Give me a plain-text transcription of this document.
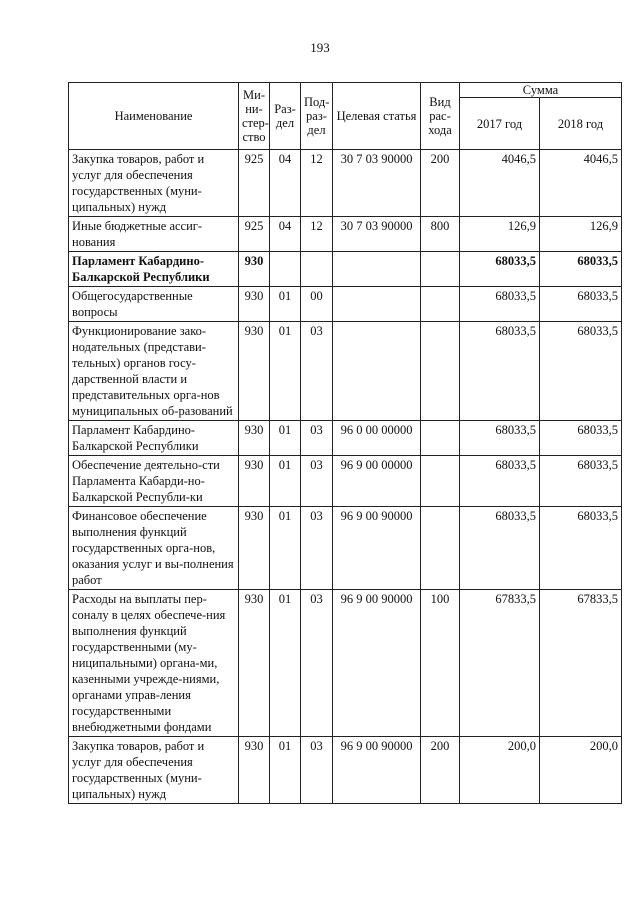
193
Наименование	Ми-ни-стер-ство	Раз-дел	Под-раз-дел	Целевая статья	Вид рас-хода	Сумма	
						2017 год	2018 год
Закупка товаров, работ и услуг для обеспечения государственных (муни-ципальных) нужд	925	04	12	30 7 03 90000	200	4046,5	4046,5
Иные бюджетные ассиг-нования	925	04	12	30 7 03 90000	800	126,9	126,9
Парламент Кабардино-Балкарской Республики	930					68033,5	68033,5
Общегосударственные вопросы	930	01	00			68033,5	68033,5
Функционирование зако-нодательных (представи-тельных) органов госу-дарственной власти и представительных орга-нов муниципальных об-разований	930	01	03			68033,5	68033,5
Парламент Кабардино-Балкарской Республики	930	01	03	96 0 00 00000		68033,5	68033,5
Обеспечение деятельно-сти Парламента Кабарди-но-Балкарской Республи-ки	930	01	03	96 9 00 00000		68033,5	68033,5
Финансовое обеспечение выполнения функций государственных орга-нов, оказания услуг и вы-полнения работ	930	01	03	96 9 00 90000		68033,5	68033,5
Расходы на выплаты пер-соналу в целях обеспече-ния выполнения функций государственными (му-ниципальными) органа-ми, казенными учрежде-ниями, органами управ-ления государственными внебюджетными фондами	930	01	03	96 9 00 90000	100	67833,5	67833,5
Закупка товаров, работ и услуг для обеспечения государственных (муни-ципальных) нужд	930	01	03	96 9 00 90000	200	200,0	200,0
